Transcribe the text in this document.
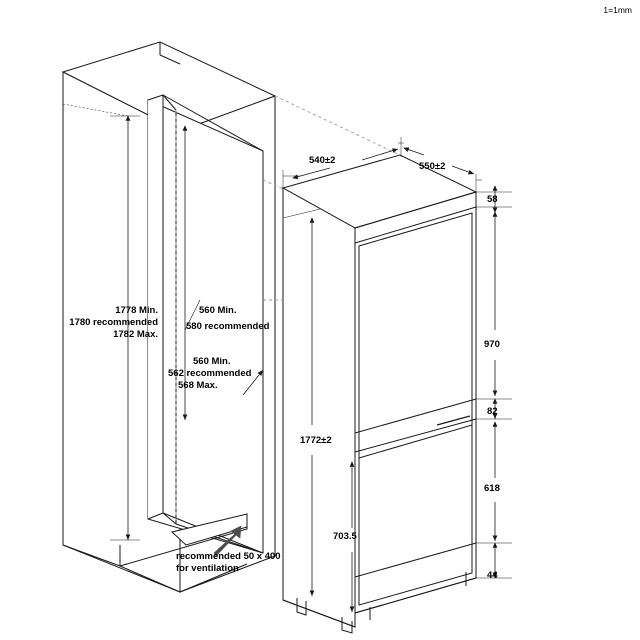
1=1mm
1778 Min.
1780 recommended
1782 Max.
560 Min.
580 recommended
560 Min.
562 recommended
568 Max.
recommended 50 x 400
for ventilation
540±2
550±2
58
970
82
618
44
1772±2
703.5
